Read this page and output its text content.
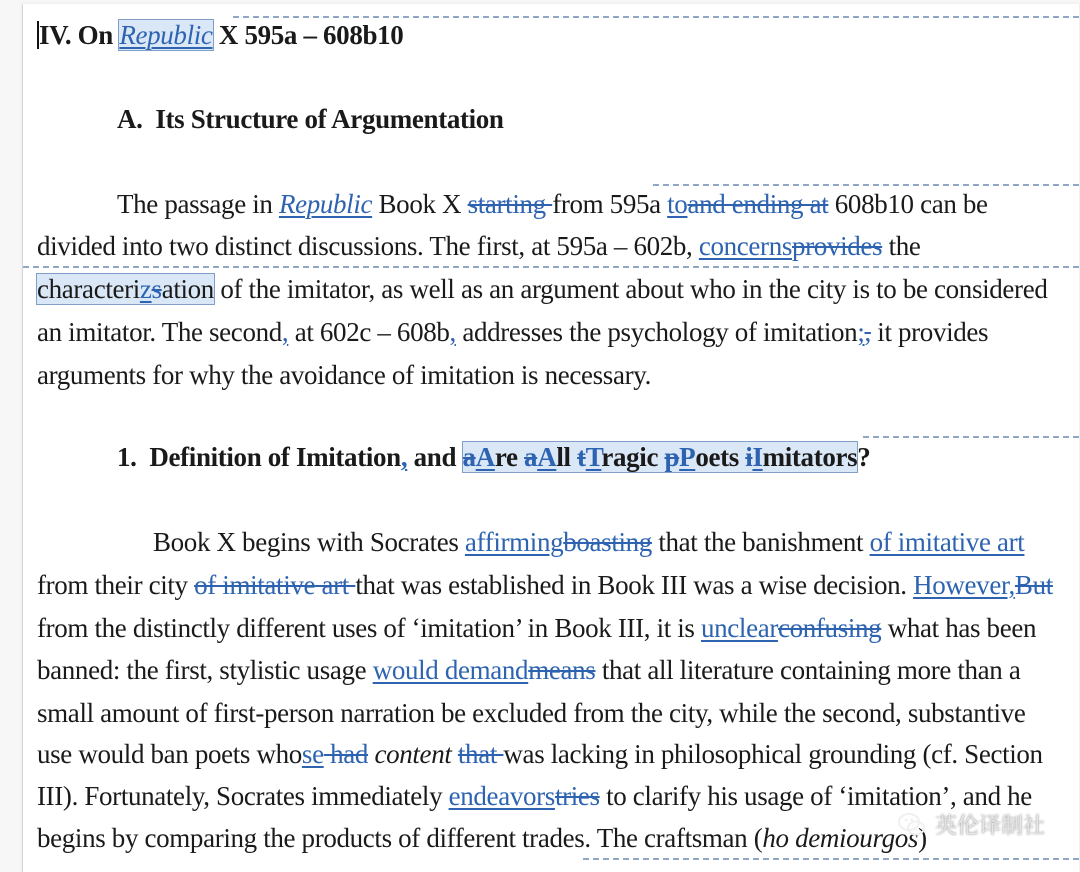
IV. On Republic X 595a – 608b10
A. Its Structure of Argumentation
The passage in Republic Book X starting from 595a toand ending at 608b10 can be
divided into two distinct discussions. The first, at 595a – 602b, concernsprovides the
characterizsation of the imitator, as well as an argument about who in the city is to be considered
an imitator. The second, at 602c – 608b, addresses the psychology of imitation;, it provides
arguments for why the avoidance of imitation is necessary.
1. Definition of Imitation, and aAre aAll tTragic pPoets iImitators?
Book X begins with Socrates affirmingboasting that the banishment of imitative art
from their city of imitative art that was established in Book III was a wise decision. However,But
from the distinctly different uses of ‘imitation’ in Book III, it is unclearconfusing what has been
banned: the first, stylistic usage would demandmeans that all literature containing more than a
small amount of first-person narration be excluded from the city, while the second, substantive
use would ban poets whose had content that was lacking in philosophical grounding (cf. Section
III). Fortunately, Socrates immediately endeavorstries to clarify his usage of ‘imitation’, and he
begins by comparing the products of different trades. The craftsman (ho demiourgos) 英伦译制社
